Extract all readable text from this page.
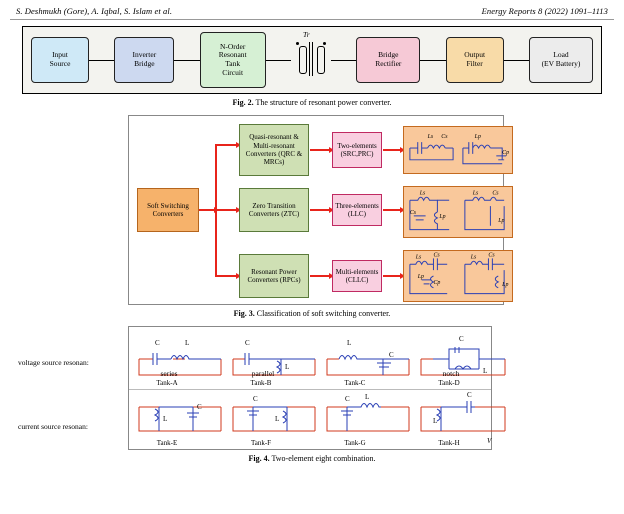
S. Deshmukh (Gore), A. Iqbal, S. Islam et al.	Energy Reports 8 (2022) 1091–1113
Input
Source
Inverter
Bridge
N-Order
Resonant
Tank
Circuit
Tr
Bridge
Rectifier
Output
Filter
Load
(EV Battery)
Fig. 2. The structure of resonant power converter.
Soft Switching Converters
Quasi-resonant & Multi-resonant Converters (QRC & MRCs)
Zero Transition Converters (ZTC)
Resonant Power Converters (RPCs)
Two-elements (SRC,PRC)
Three-elements (LLC)
Multi-elements (CLLC)
Ls Cs	Lp
Cp
Ls
Lp
Cs
Ls Cs
Lp
Ls Cs
Lp
Cp
Ls Cs
Lp
Fig. 3. Classification of soft switching converter.
voltage source resonan:
current source resonan:
C	L	C
L
L
C
C
L
series	parallel	notch
Tank-A	Tank-B	Tank-C	Tank-D
L
C
C
L
C L
L
C
Tank-E	Tank-F	Tank-G	Tank-H	V
Fig. 4. Two-element eight combination.
